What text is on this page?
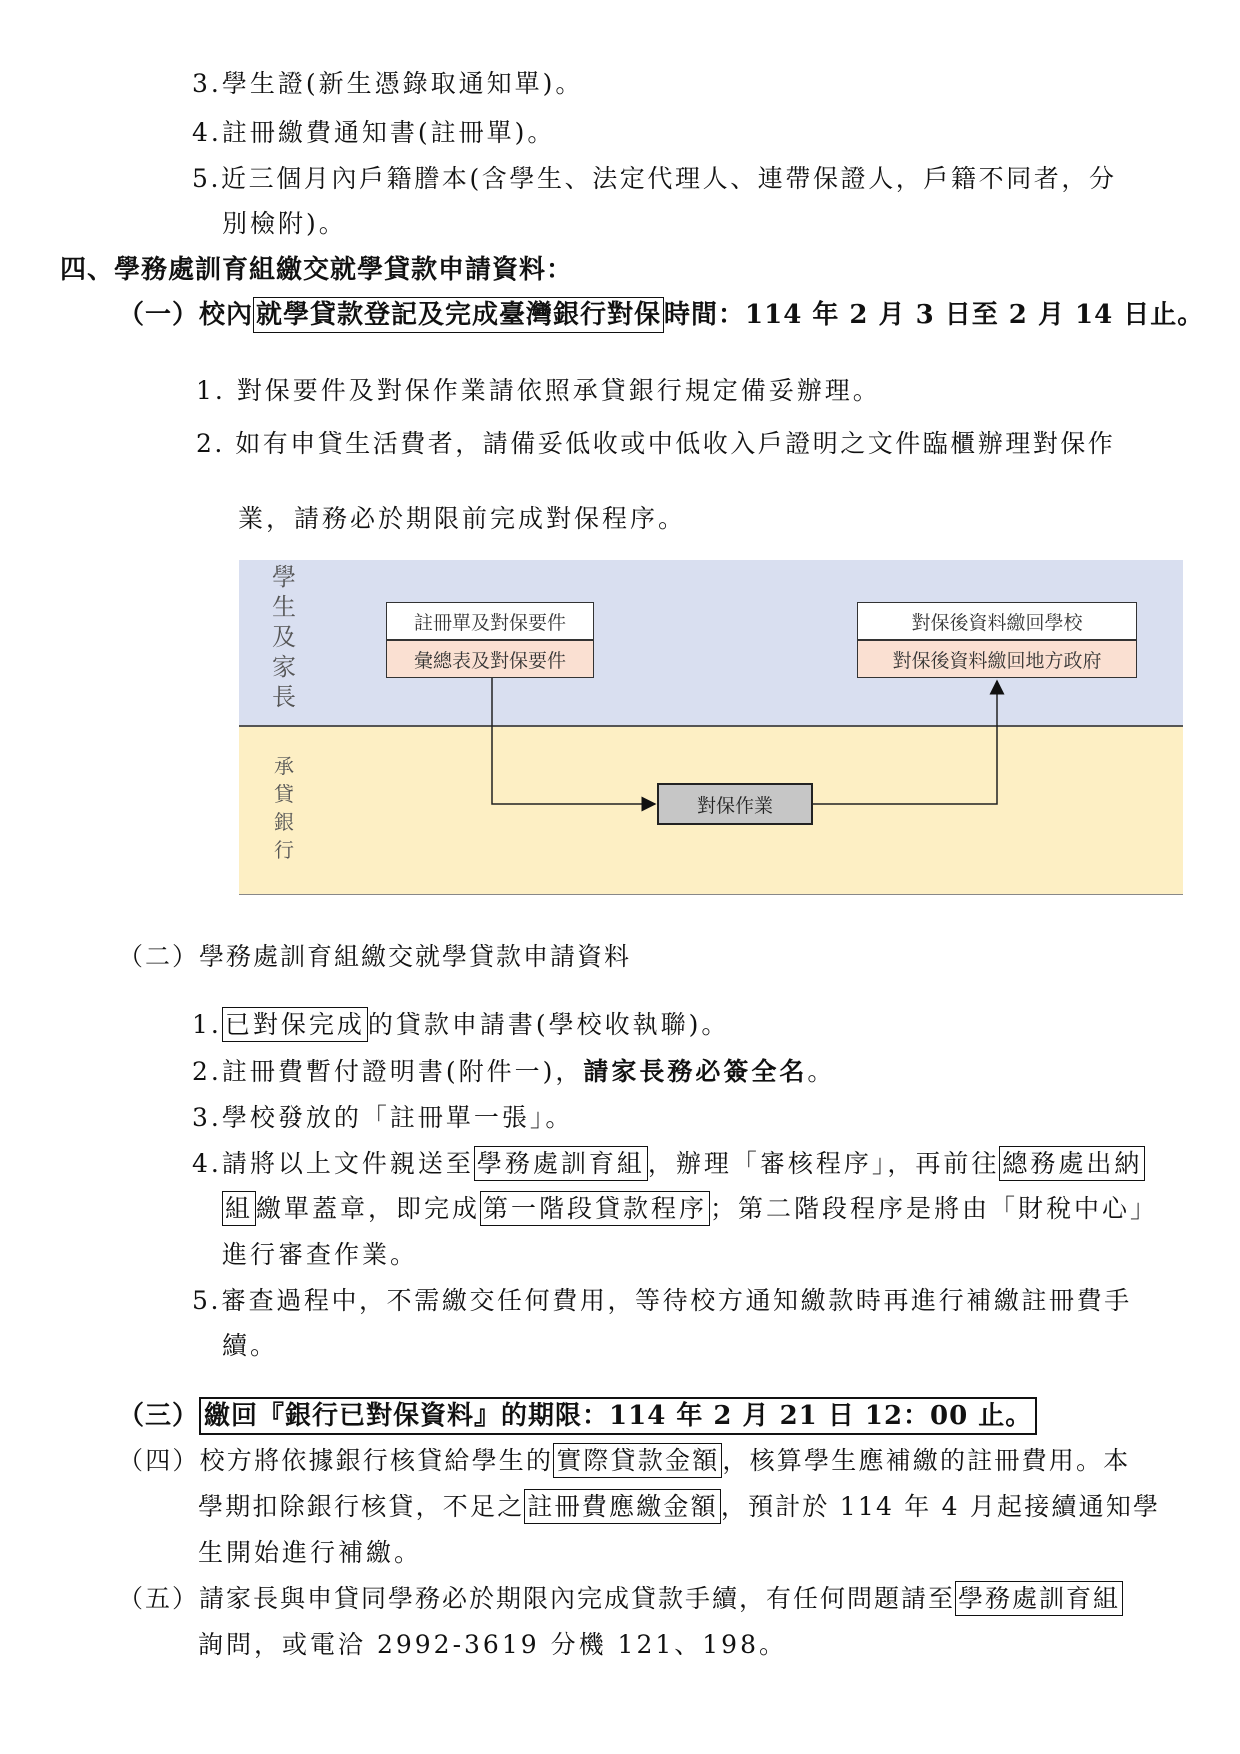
3.學生證(新生憑錄取通知單)。
4.註冊繳費通知書(註冊單)。
5.近三個月內戶籍謄本(含學生、法定代理人、連帶保證人，戶籍不同者，分
別檢附)。
四、學務處訓育組繳交就學貸款申請資料：
（一）校內 就學貸款登記及完成臺灣銀行對保 時間：114 年 2 月 3 日至 2 月 14 日止。
1. 對保要件及對保作業請依照承貸銀行規定備妥辦理。
2. 如有申貸生活費者，請備妥低收或中低收入戶證明之文件臨櫃辦理對保作
業，請務必於期限前完成對保程序。
學生及家長
承貸銀行
註冊單及對保要件
彙總表及對保要件
對保後資料繳回學校
對保後資料繳回地方政府
對保作業
（二）學務處訓育組繳交就學貸款申請資料
1. 已對保完成 的貸款申請書(學校收執聯)。
2.註冊費暫付證明書(附件一)，請家長務必簽全名。
3.學校發放的「註冊單一張」。
4.請將以上文件親送至 學務處訓育組 ，辦理「審核程序」，再前往 總務處出納
組 繳單蓋章，即完成 第一階段貸款程序 ；第二階段程序是將由「財稅中心」
進行審查作業。
5.審查過程中，不需繳交任何費用，等待校方通知繳款時再進行補繳註冊費手
續。
（三） 繳回『銀行已對保資料』的期限：114 年 2 月 21 日 12：00 止。
（四）校方將依據銀行核貸給學生的 實際貸款金額 ，核算學生應補繳的註冊費用。本
學期扣除銀行核貸，不足之 註冊費應繳金額 ，預計於 114 年 4 月起接續通知學
生開始進行補繳。
（五）請家長與申貸同學務必於期限內完成貸款手續，有任何問題請至 學務處訓育組
詢問，或電洽 2992-3619 分機 121、198。
